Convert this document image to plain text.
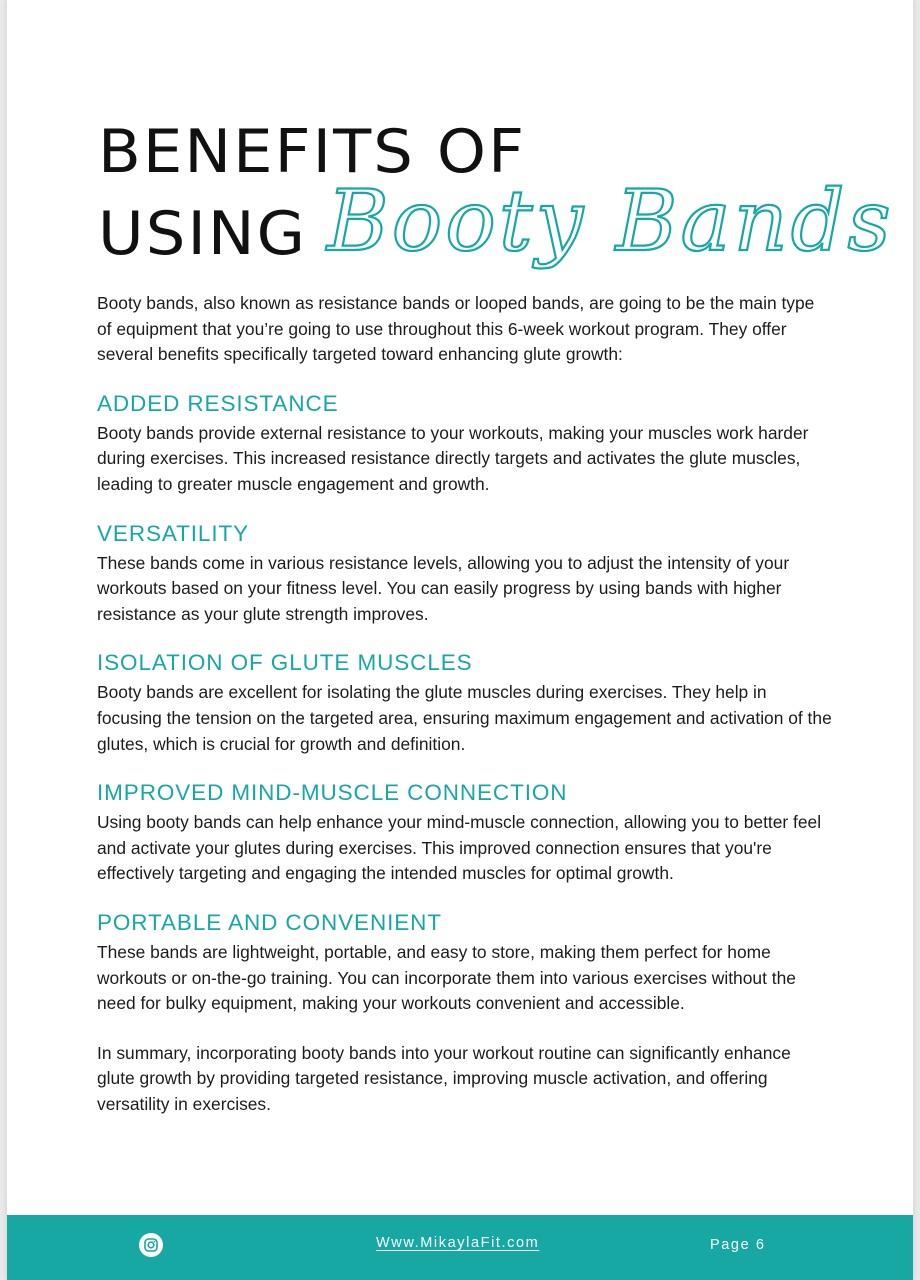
BENEFITS OF
USING Booty Bands

Booty bands, also known as resistance bands or looped bands, are going to be the main type of equipment that you’re going to use throughout this 6-week workout program. They offer several benefits specifically targeted toward enhancing glute growth:

ADDED RESISTANCE

Booty bands provide external resistance to your workouts, making your muscles work harder during exercises. This increased resistance directly targets and activates the glute muscles, leading to greater muscle engagement and growth.

VERSATILITY

These bands come in various resistance levels, allowing you to adjust the intensity of your workouts based on your fitness level. You can easily progress by using bands with higher resistance as your glute strength improves.

ISOLATION OF GLUTE MUSCLES

Booty bands are excellent for isolating the glute muscles during exercises. They help in focusing the tension on the targeted area, ensuring maximum engagement and activation of the glutes, which is crucial for growth and definition.

IMPROVED MIND-MUSCLE CONNECTION

Using booty bands can help enhance your mind-muscle connection, allowing you to better feel and activate your glutes during exercises. This improved connection ensures that you're effectively targeting and engaging the intended muscles for optimal growth.

PORTABLE AND CONVENIENT

These bands are lightweight, portable, and easy to store, making them perfect for home workouts or on-the-go training. You can incorporate them into various exercises without the need for bulky equipment, making your workouts convenient and accessible.

In summary, incorporating booty bands into your workout routine can significantly enhance glute growth by providing targeted resistance, improving muscle activation, and offering versatility in exercises.

Www.MikaylaFit.com	Page 6
